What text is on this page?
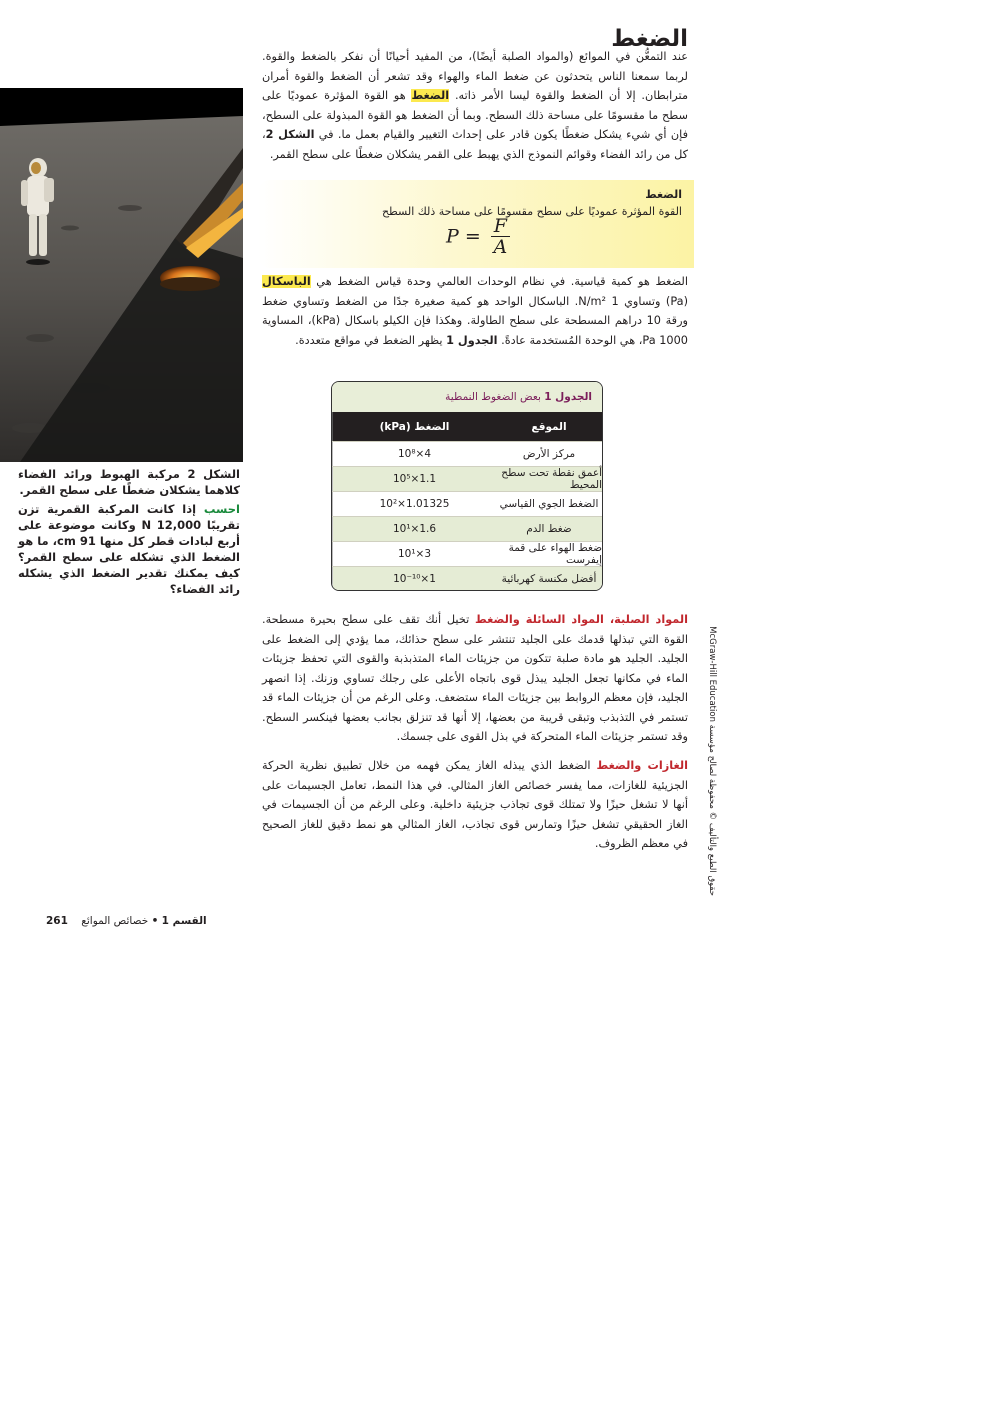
الضغط

عند التمعُّن في الموائع (والمواد الصلبة أيضًا)، من المفيد أحيانًا أن نفكر بالضغط والقوة. لربما سمعنا الناس يتحدثون عن ضغط الماء والهواء وقد تشعر أن الضغط والقوة أمران مترابطان. إلا أن الضغط والقوة ليسا الأمر ذاته. الضغط هو القوة المؤثرة عموديًا على سطح ما مقسومًا على مساحة ذلك السطح. وبما أن الضغط هو القوة المبذولة على السطح، فإن أي شيء يشكل ضغطًا يكون قادر على إحداث التغيير والقيام بعمل ما. في الشكل 2، كل من رائد الفضاء وقوائم النموذج الذي يهبط على القمر يشكلان ضغطًا على سطح القمر.

الشكل 2 مركبة الهبوط ورائد الفضاء كلاهما يشكلان ضغطًا على سطح القمر.
احسب إذا كانت المركبة القمرية تزن تقريبًا 12,000 N وكانت موضوعة على أربع لبادات قطر كل منها 91 cm، ما هو الضغط الذي تشكله على سطح القمر؟ كيف يمكنك تقدير الضغط الذي يشكله رائد الفضاء؟
الضغط
القوة المؤثرة عموديًا على سطح مقسومًا على مساحة ذلك السطح
$P = \frac{F}{A}$

الضغط هو كمية قياسية. في نظام الوحدات العالمي وحدة قياس الضغط هي الباسكال (Pa) وتساوي 1 N/m². الباسكال الواحد هو كمية صغيرة جدًا من الضغط وتساوي ضغط ورقة 10 دراهم المسطحة على سطح الطاولة. وهكذا فإن الكيلو باسكال (kPa)، المساوية 1000 Pa، هي الوحدة المُستخدمة عادةً. الجدول 1 يظهر الضغط في مواقع متعددة.

الجدول 1 بعض الضغوط النمطية
الموقع
الضغط (kPa)
مركز الأرض
4×10⁸
أعمق نقطة تحت سطح المحيط
1.1×10⁵
الضغط الجوي القياسي
1.01325×10²
ضغط الدم
1.6×10¹
ضغط الهواء على قمة إيفرست
3×10¹
أفضل مكنسة كهربائية
1×10⁻¹⁰

المواد الصلبة، المواد السائلة والضغط تخيل أنك تقف على سطح بحيرة مسطحة. القوة التي تبذلها قدمك على الجليد تنتشر على سطح حذائك، مما يؤدي إلى الضغط على الجليد. الجليد هو مادة صلبة تتكون من جزيئات الماء المتذبذبة والقوى التي تحفظ جزيئات الماء في مكانها تجعل الجليد يبذل قوى باتجاه الأعلى على رجلك تساوي وزنك. إذا انصهر الجليد، فإن معظم الروابط بين جزيئات الماء ستضعف. وعلى الرغم من أن جزيئات الماء قد تستمر في التذبذب وتبقى قريبة من بعضها، إلا أنها قد تنزلق بجانب بعضها فينكسر السطح. وقد تستمر جزيئات الماء المتحركة في بذل القوى على جسمك.

الغازات والضغط الضغط الذي يبذله الغاز يمكن فهمه من خلال تطبيق نظرية الحركة الجزيئية للغازات، مما يفسر خصائص الغاز المثالي. في هذا النمط، تعامل الجسيمات على أنها لا تشغل حيزًا ولا تمتلك قوى تجاذب جزيئية داخلية. وعلى الرغم من أن الجسيمات في الغاز الحقيقي تشغل حيزًا وتمارس قوى تجاذب، الغاز المثالي هو نمط دقيق للغاز الصحيح في معظم الظروف.

حقوق الطبع والتأليف © محفوظة لصالح مؤسسة McGraw-Hill Education
القسم 1 • خصائص الموائع 261
